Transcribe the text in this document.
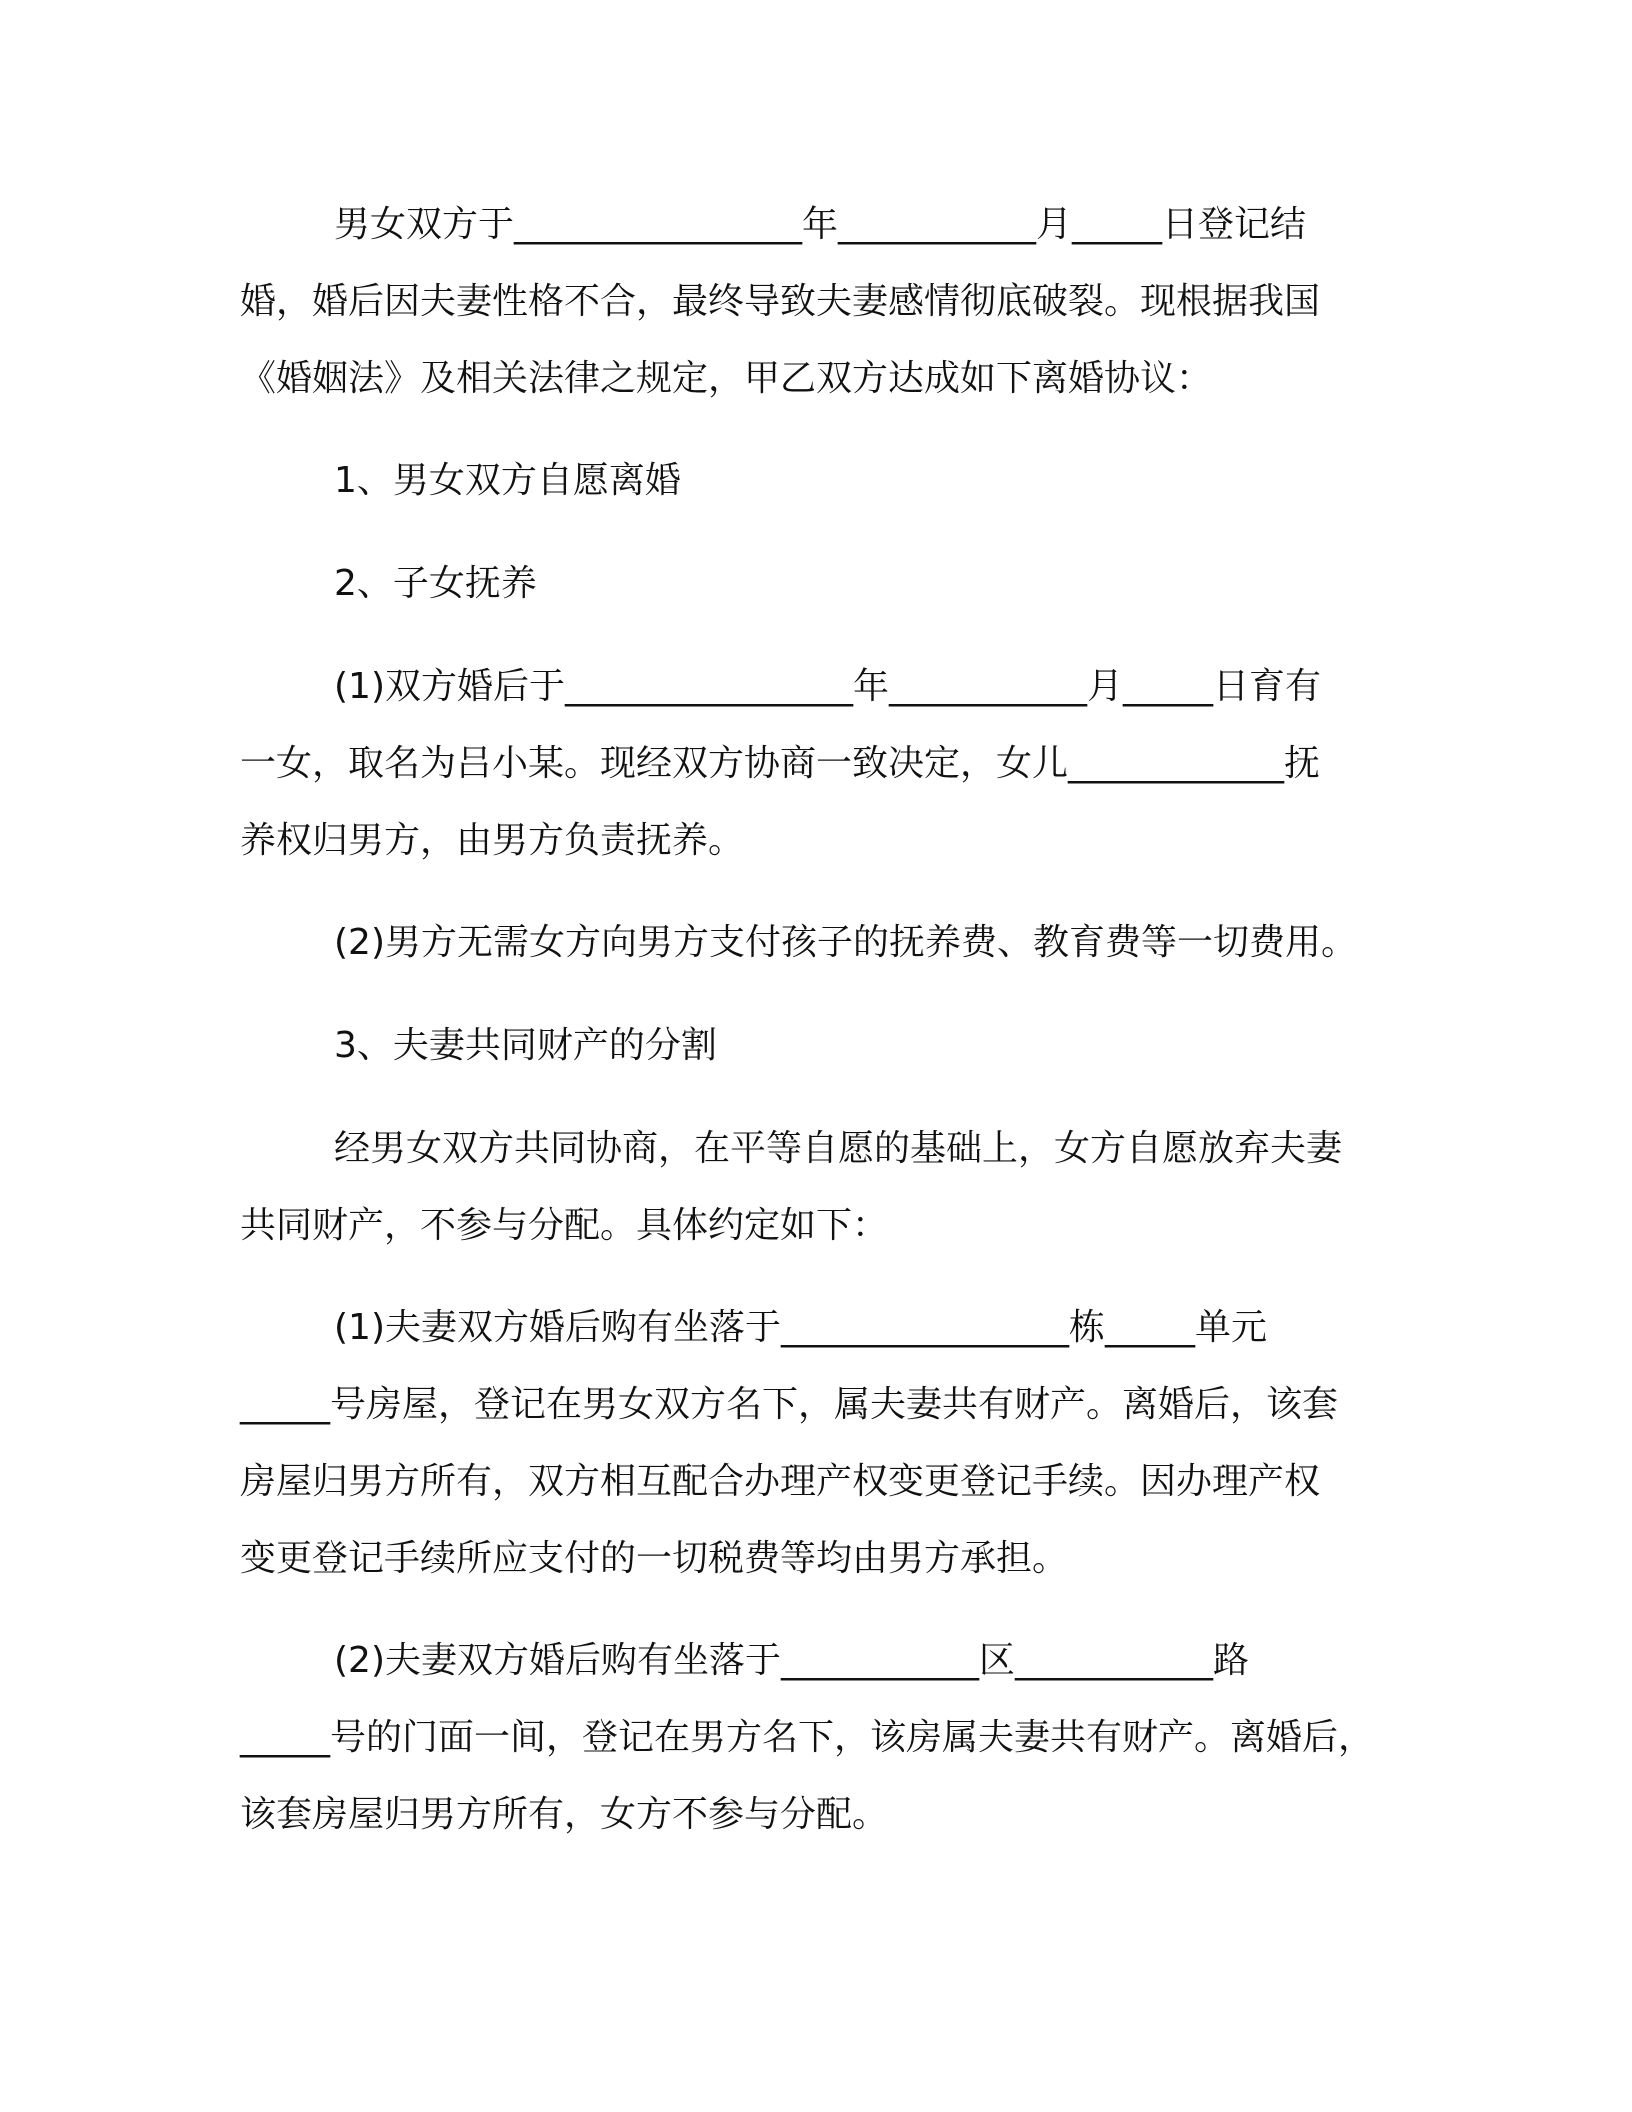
男女双方于________________年___________月_____日登记结
婚，婚后因夫妻性格不合，最终导致夫妻感情彻底破裂。现根据我国
《婚姻法》及相关法律之规定，甲乙双方达成如下离婚协议：

1、男女双方自愿离婚

2、子女抚养

(1)双方婚后于________________年___________月_____日育有
一女，取名为吕小某。现经双方协商一致决定，女儿____________抚
养权归男方，由男方负责抚养。

(2)男方无需女方向男方支付孩子的抚养费、教育费等一切费用。

3、夫妻共同财产的分割

经男女双方共同协商，在平等自愿的基础上，女方自愿放弃夫妻
共同财产，不参与分配。具体约定如下：

(1)夫妻双方婚后购有坐落于________________栋_____单元
_____号房屋，登记在男女双方名下，属夫妻共有财产。离婚后，该套
房屋归男方所有，双方相互配合办理产权变更登记手续。因办理产权
变更登记手续所应支付的一切税费等均由男方承担。

(2)夫妻双方婚后购有坐落于___________区___________路
_____号的门面一间，登记在男方名下，该房属夫妻共有财产。离婚后，
该套房屋归男方所有，女方不参与分配。
